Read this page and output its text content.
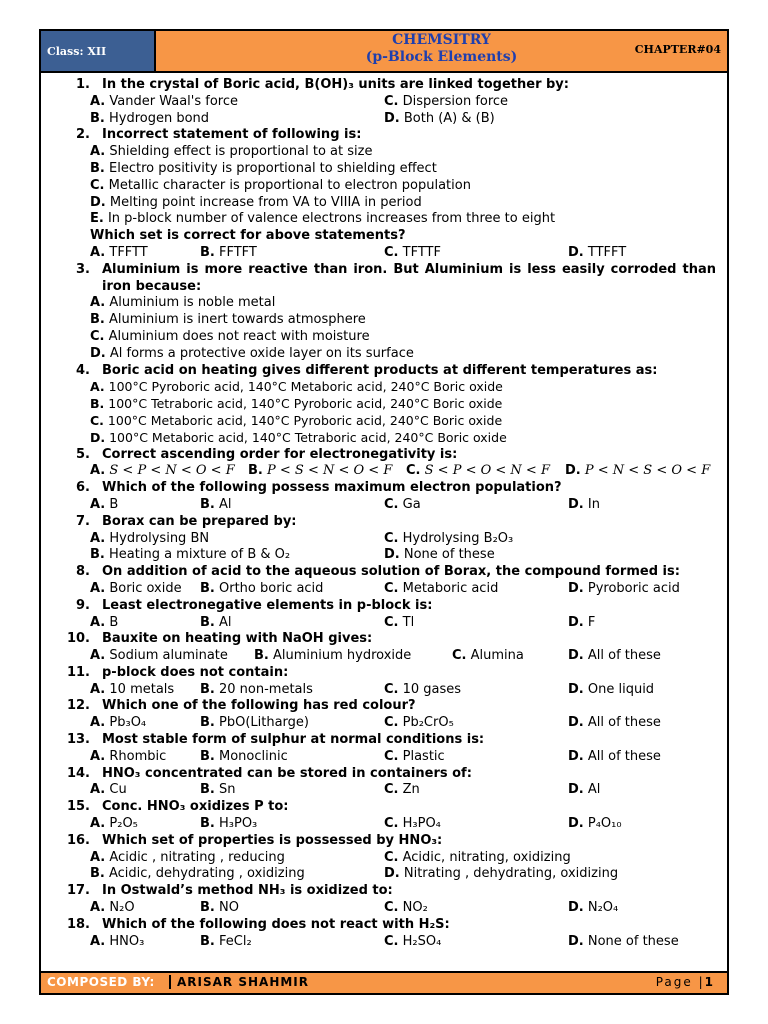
Class: XII
CHEMSITRY
(p-Block Elements)	CHAPTER#04
1. In the crystal of Boric acid, B(OH)₃ units are linked together by:
A. Vander Waal's force	C. Dispersion force
B. Hydrogen bond	D. Both (A) & (B)
2. Incorrect statement of following is:
A. Shielding effect is proportional to at size
B. Electro positivity is proportional to shielding effect
C. Metallic character is proportional to electron population
D. Melting point increase from VA to VIIIA in period
E. In p-block number of valence electrons increases from three to eight
Which set is correct for above statements?
A. TFFTT	B. FFTFT	C. TFTTF	D. TTFFT
3. Aluminium is more reactive than iron. But Aluminium is less easily corroded than iron because:
A. Aluminium is noble metal
B. Aluminium is inert towards atmosphere
C. Aluminium does not react with moisture
D. Al forms a protective oxide layer on its surface
4. Boric acid on heating gives different products at different temperatures as:
A. 100°C Pyroboric acid, 140°C Metaboric acid, 240°C Boric oxide
B. 100°C Tetraboric acid, 140°C Pyroboric acid, 240°C Boric oxide
C. 100°C Metaboric acid, 140°C Pyroboric acid, 240°C Boric oxide
D. 100°C Metaboric acid, 140°C Tetraboric acid, 240°C Boric oxide
5. Correct ascending order for electronegativity is:
A. S < P < N < O < F B. P < S < N < O < F C. S < P < O < N < F D. P < N < S < O < F
6. Which of the following possess maximum electron population?
A. B	B. Al	C. Ga	D. In
7. Borax can be prepared by:
A. Hydrolysing BN	C. Hydrolysing B₂O₃
B. Heating a mixture of B & O₂	D. None of these
8. On addition of acid to the aqueous solution of Borax, the compound formed is:
A. Boric oxide B. Ortho boric acid	C. Metaboric acid	D. Pyroboric acid
9. Least electronegative elements in p-block is:
A. B	B. Al	C. Tl	D. F
10. Bauxite on heating with NaOH gives:
A. Sodium aluminate B. Aluminium hydroxide	C. Alumina	D. All of these
11. p-block does not contain:
A. 10 metals B. 20 non-metals	C. 10 gases	D. One liquid
12. Which one of the following has red colour?
A. Pb₃O₄	B. PbO(Litharge)	C. Pb₂CrO₅	D. All of these
13. Most stable form of sulphur at normal conditions is:
A. Rhombic	B. Monoclinic	C. Plastic	D. All of these
14. HNO₃ concentrated can be stored in containers of:
A. Cu	B. Sn	C. Zn	D. Al
15. Conc. HNO₃ oxidizes P to:
A. P₂O₅	B. H₃PO₃	C. H₃PO₄	D. P₄O₁₀
16. Which set of properties is possessed by HNO₃:
A. Acidic , nitrating , reducing	C. Acidic, nitrating, oxidizing
B. Acidic, dehydrating , oxidizing	D. Nitrating , dehydrating, oxidizing
17. In Ostwald’s method NH₃ is oxidized to:
A. N₂O	B. NO	C. NO₂	D. N₂O₄
18. Which of the following does not react with H₂S:
A. HNO₃	B. FeCl₂	C. H₂SO₄	D. None of these
COMPOSED BY:	ARISAR SHAHMIR	Page |1
